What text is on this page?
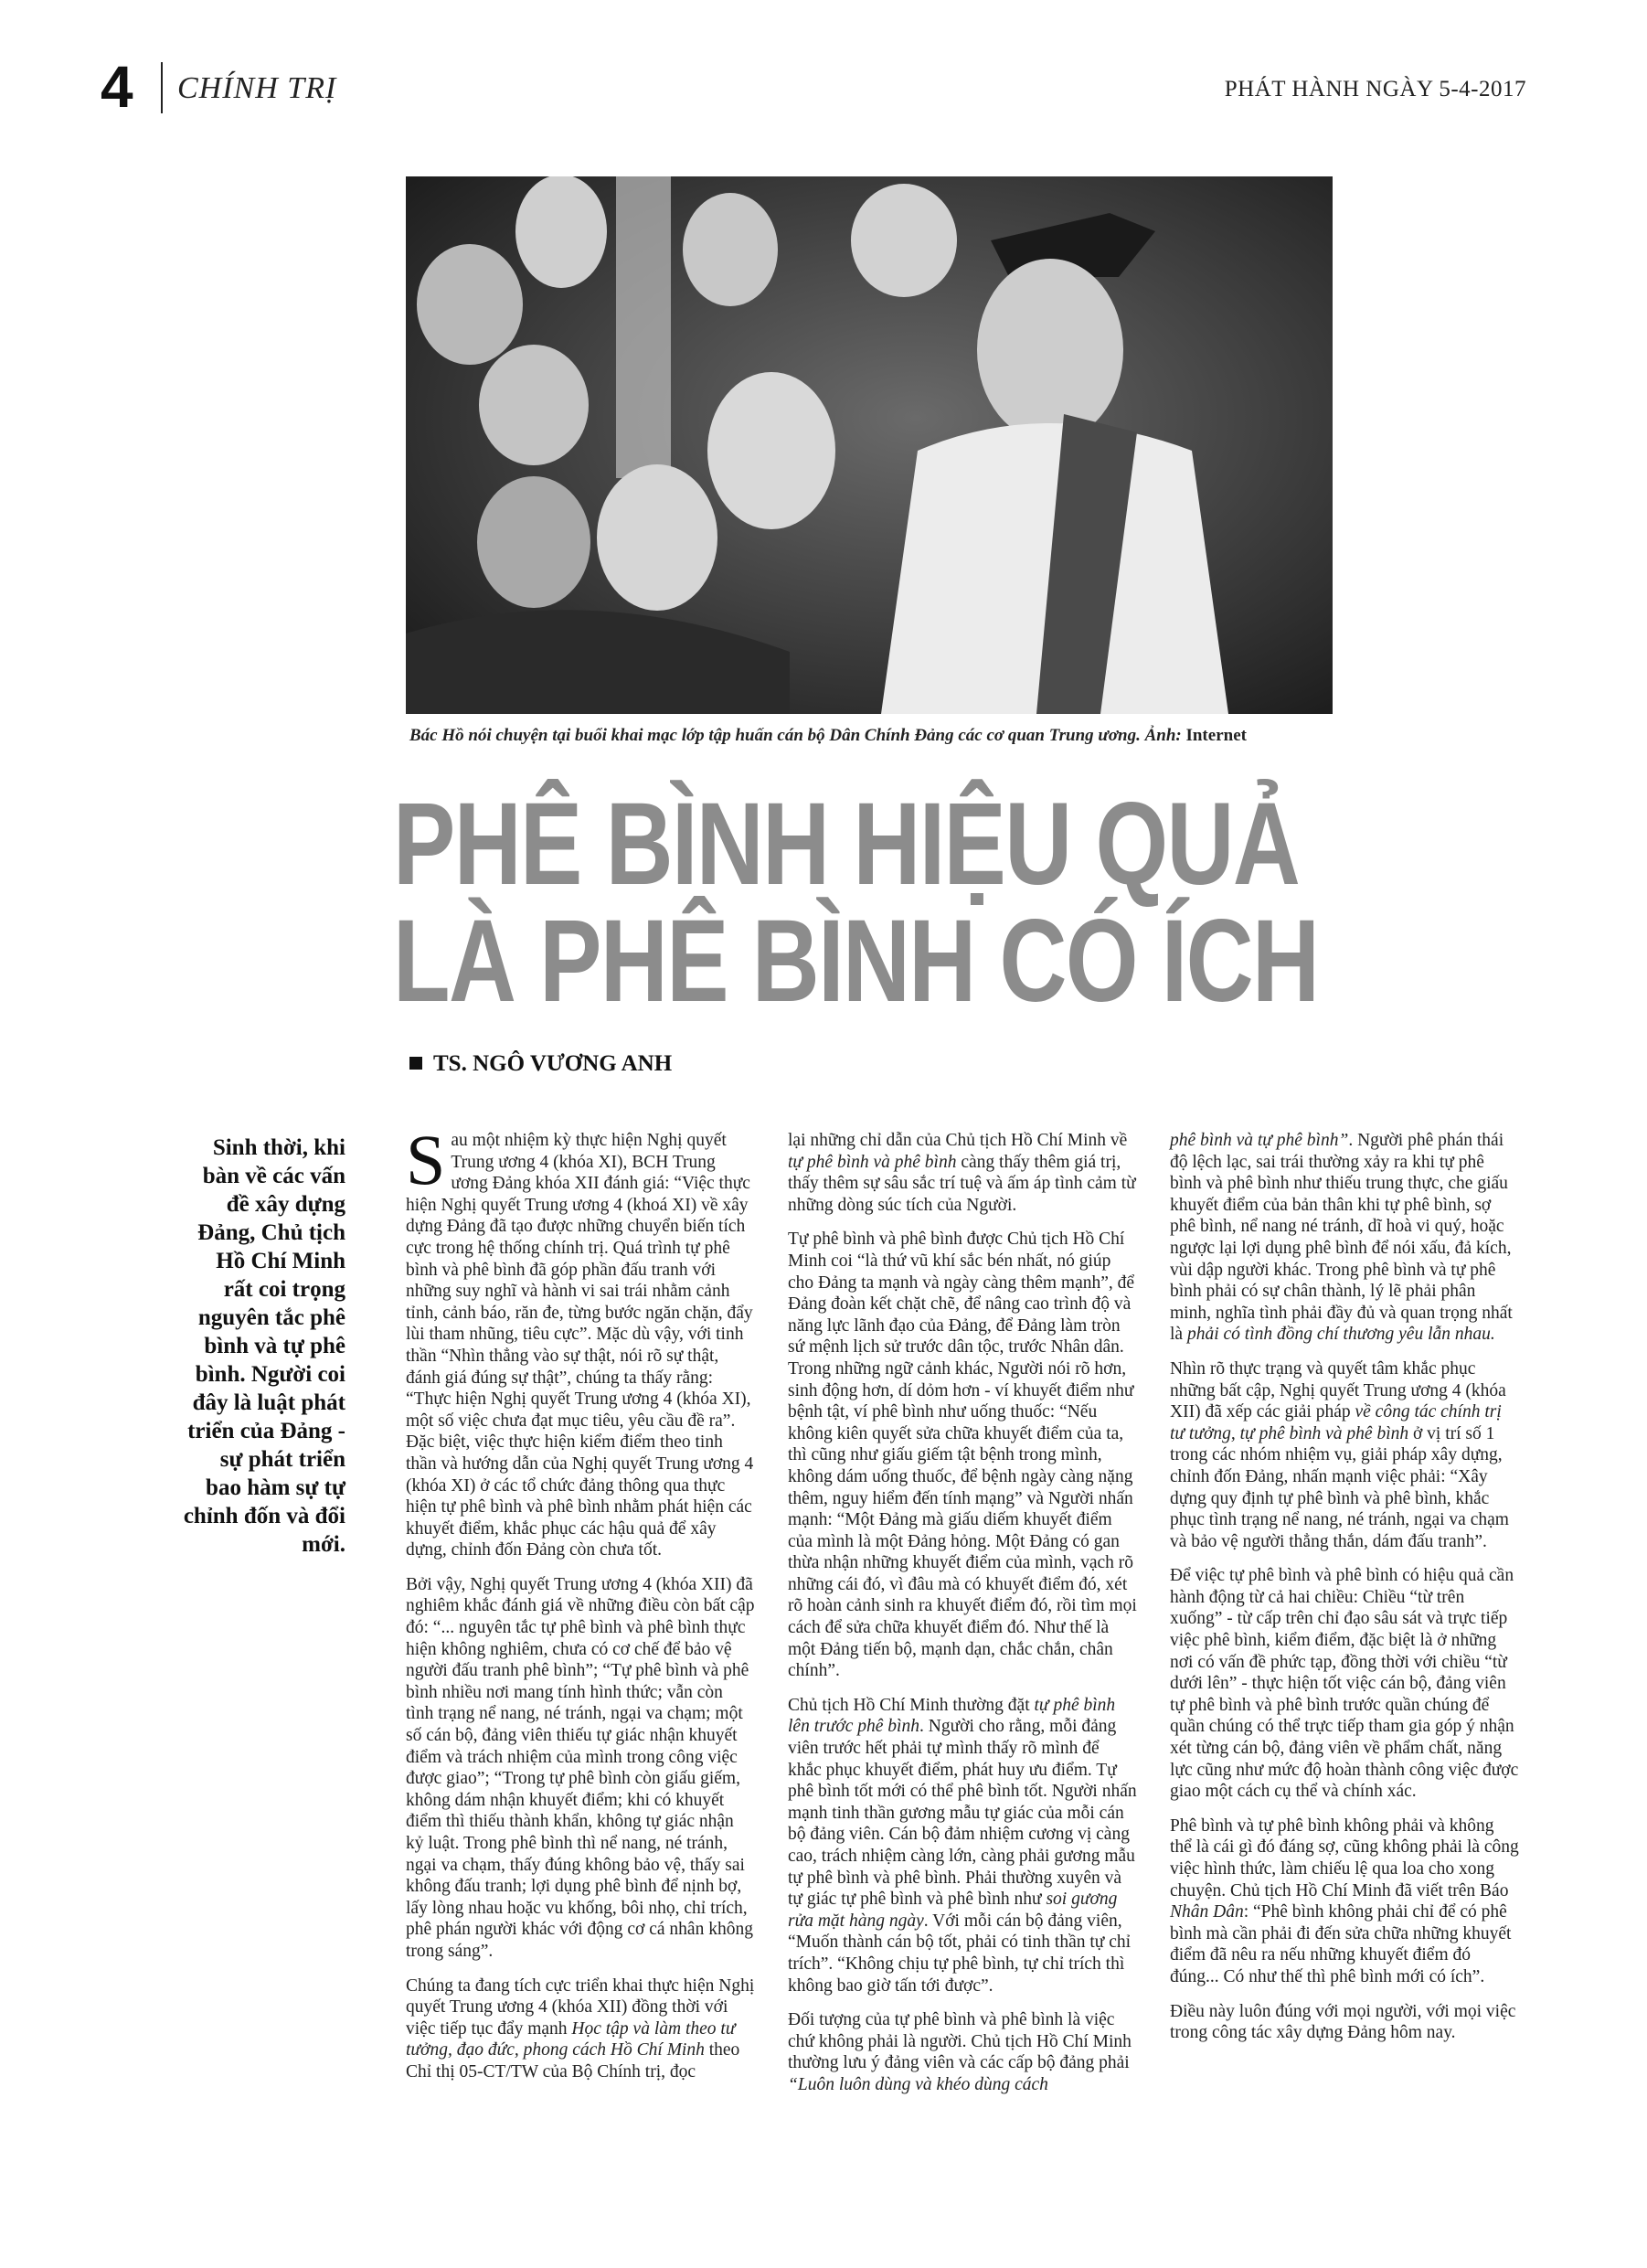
4 CHÍNH TRỊ	PHÁT HÀNH NGÀY 5-4-2017
Bác Hồ nói chuyện tại buổi khai mạc lớp tập huấn cán bộ Dân Chính Đảng các cơ quan Trung ương. Ảnh: Internet
PHÊ BÌNH HIỆU QUẢ
LÀ PHÊ BÌNH CÓ ÍCH
TS. NGÔ VƯƠNG ANH
Sinh thời, khi bàn về các vấn đề xây dựng Đảng, Chủ tịch Hồ Chí Minh rất coi trọng nguyên tắc phê bình và tự phê bình. Người coi đây là luật phát triển của Đảng - sự phát triển bao hàm sự tự chỉnh đốn và đổi mới.

Sau một nhiệm kỳ thực hiện Nghị quyết Trung ương 4 (khóa XI), BCH Trung ương Đảng khóa XII đánh giá: “Việc thực hiện Nghị quyết Trung ương 4 (khoá XI) về xây dựng Đảng đã tạo được những chuyển biến tích cực trong hệ thống chính trị. Quá trình tự phê bình và phê bình đã góp phần đấu tranh với những suy nghĩ và hành vi sai trái nhằm cảnh tỉnh, cảnh báo, răn đe, từng bước ngăn chặn, đẩy lùi tham nhũng, tiêu cực”. Mặc dù vậy, với tinh thần “Nhìn thẳng vào sự thật, nói rõ sự thật, đánh giá đúng sự thật”, chúng ta thấy rằng: “Thực hiện Nghị quyết Trung ương 4 (khóa XI), một số việc chưa đạt mục tiêu, yêu cầu đề ra”. Đặc biệt, việc thực hiện kiểm điểm theo tinh thần và hướng dẫn của Nghị quyết Trung ương 4 (khóa XI) ở các tổ chức đảng thông qua thực hiện tự phê bình và phê bình nhằm phát hiện các khuyết điểm, khắc phục các hậu quả để xây dựng, chỉnh đốn Đảng còn chưa tốt.

Bởi vậy, Nghị quyết Trung ương 4 (khóa XII) đã nghiêm khắc đánh giá về những điều còn bất cập đó: “... nguyên tắc tự phê bình và phê bình thực hiện không nghiêm, chưa có cơ chế để bảo vệ người đấu tranh phê bình”; “Tự phê bình và phê bình nhiều nơi mang tính hình thức; vẫn còn tình trạng nể nang, né tránh, ngại va chạm; một số cán bộ, đảng viên thiếu tự giác nhận khuyết điểm và trách nhiệm của mình trong công việc được giao”; “Trong tự phê bình còn giấu giếm, không dám nhận khuyết điểm; khi có khuyết điểm thì thiếu thành khẩn, không tự giác nhận kỷ luật. Trong phê bình thì nể nang, né tránh, ngại va chạm, thấy đúng không bảo vệ, thấy sai không đấu tranh; lợi dụng phê bình để nịnh bợ, lấy lòng nhau hoặc vu khống, bôi nhọ, chỉ trích, phê phán người khác với động cơ cá nhân không trong sáng”.

Chúng ta đang tích cực triển khai thực hiện Nghị quyết Trung ương 4 (khóa XII) đồng thời với việc tiếp tục đẩy mạnh Học tập và làm theo tư tưởng, đạo đức, phong cách Hồ Chí Minh theo Chỉ thị 05-CT/TW của Bộ Chính trị, đọc

lại những chỉ dẫn của Chủ tịch Hồ Chí Minh về tự phê bình và phê bình càng thấy thêm giá trị, thấy thêm sự sâu sắc trí tuệ và ấm áp tình cảm từ những dòng súc tích của Người.

Tự phê bình và phê bình được Chủ tịch Hồ Chí Minh coi “là thứ vũ khí sắc bén nhất, nó giúp cho Đảng ta mạnh và ngày càng thêm mạnh”, để Đảng đoàn kết chặt chẽ, để nâng cao trình độ và năng lực lãnh đạo của Đảng, để Đảng làm tròn sứ mệnh lịch sử trước dân tộc, trước Nhân dân. Trong những ngữ cảnh khác, Người nói rõ hơn, sinh động hơn, dí dỏm hơn - ví khuyết điểm như bệnh tật, ví phê bình như uống thuốc: “Nếu không kiên quyết sửa chữa khuyết điểm của ta, thì cũng như giấu giếm tật bệnh trong mình, không dám uống thuốc, để bệnh ngày càng nặng thêm, nguy hiểm đến tính mạng” và Người nhấn mạnh: “Một Đảng mà giấu diếm khuyết điểm của mình là một Đảng hỏng. Một Đảng có gan thừa nhận những khuyết điểm của mình, vạch rõ những cái đó, vì đâu mà có khuyết điểm đó, xét rõ hoàn cảnh sinh ra khuyết điểm đó, rồi tìm mọi cách để sửa chữa khuyết điểm đó. Như thế là một Đảng tiến bộ, mạnh dạn, chắc chắn, chân chính”.

Chủ tịch Hồ Chí Minh thường đặt tự phê bình lên trước phê bình. Người cho rằng, mỗi đảng viên trước hết phải tự mình thấy rõ mình để khắc phục khuyết điểm, phát huy ưu điểm. Tự phê bình tốt mới có thể phê bình tốt. Người nhấn mạnh tinh thần gương mẫu tự giác của mỗi cán bộ đảng viên. Cán bộ đảm nhiệm cương vị càng cao, trách nhiệm càng lớn, càng phải gương mẫu tự phê bình và phê bình. Phải thường xuyên và tự giác tự phê bình và phê bình như soi gương rửa mặt hàng ngày. Với mỗi cán bộ đảng viên, “Muốn thành cán bộ tốt, phải có tinh thần tự chỉ trích”. “Không chịu tự phê bình, tự chỉ trích thì không bao giờ tấn tới được”.

Đối tượng của tự phê bình và phê bình là việc chứ không phải là người. Chủ tịch Hồ Chí Minh thường lưu ý đảng viên và các cấp bộ đảng phải “Luôn luôn dùng và khéo dùng cách

phê bình và tự phê bình”. Người phê phán thái độ lệch lạc, sai trái thường xảy ra khi tự phê bình và phê bình như thiếu trung thực, che giấu khuyết điểm của bản thân khi tự phê bình, sợ phê bình, nể nang né tránh, dĩ hoà vi quý, hoặc ngược lại lợi dụng phê bình để nói xấu, đả kích, vùi dập người khác. Trong phê bình và tự phê bình phải có sự chân thành, lý lẽ phải phân minh, nghĩa tình phải đầy đủ và quan trọng nhất là phải có tình đồng chí thương yêu lẫn nhau.

Nhìn rõ thực trạng và quyết tâm khắc phục những bất cập, Nghị quyết Trung ương 4 (khóa XII) đã xếp các giải pháp về công tác chính trị tư tưởng, tự phê bình và phê bình ở vị trí số 1 trong các nhóm nhiệm vụ, giải pháp xây dựng, chỉnh đốn Đảng, nhấn mạnh việc phải: “Xây dựng quy định tự phê bình và phê bình, khắc phục tình trạng nể nang, né tránh, ngại va chạm và bảo vệ người thẳng thắn, dám đấu tranh”.

Để việc tự phê bình và phê bình có hiệu quả cần hành động từ cả hai chiều: Chiều “từ trên xuống” - từ cấp trên chỉ đạo sâu sát và trực tiếp việc phê bình, kiểm điểm, đặc biệt là ở những nơi có vấn đề phức tạp, đồng thời với chiều “từ dưới lên” - thực hiện tốt việc cán bộ, đảng viên tự phê bình và phê bình trước quần chúng để quần chúng có thể trực tiếp tham gia góp ý nhận xét từng cán bộ, đảng viên về phẩm chất, năng lực cũng như mức độ hoàn thành công việc được giao một cách cụ thể và chính xác.

Phê bình và tự phê bình không phải và không thể là cái gì đó đáng sợ, cũng không phải là công việc hình thức, làm chiếu lệ qua loa cho xong chuyện. Chủ tịch Hồ Chí Minh đã viết trên Báo Nhân Dân: “Phê bình không phải chỉ để có phê bình mà cần phải đi đến sửa chữa những khuyết điểm đã nêu ra nếu những khuyết điểm đó đúng... Có như thế thì phê bình mới có ích”.

Điều này luôn đúng với mọi người, với mọi việc trong công tác xây dựng Đảng hôm nay.
